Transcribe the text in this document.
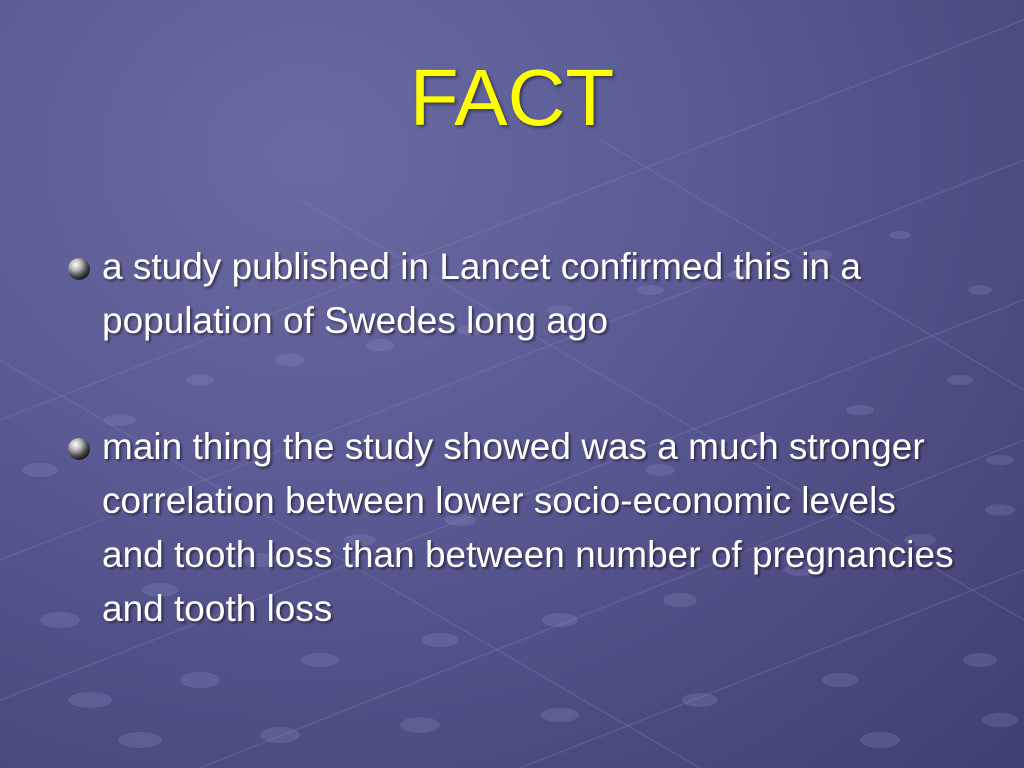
FACT
a study published in Lancet confirmed this in a population of Swedes long ago
main thing the study showed was a much stronger correlation between lower socio-economic levels and tooth loss than between number of pregnancies and tooth loss
